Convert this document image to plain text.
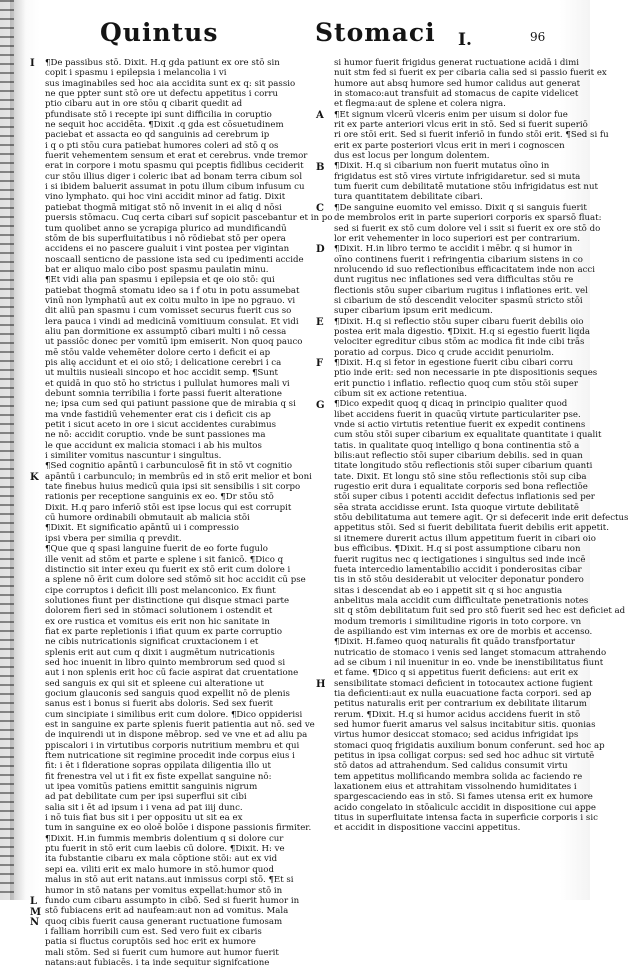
Quintus	Stomaci I.	96
I
K
L
M
N
A
B
C
D
E
F
G
H
¶De passibus stō. Dixit. H.q gda patiunt ex ore stō sin
copit i spasmu i epilepsia i melancolia i vi
sus imaginabiles sed hoc aia accidita sunt ex q: sit passio
ne que ppter sunt stō ore ut defectu appetitus i corru
ptio cibaru aut in ore stōu q cibarit quedit ad
pfundisate stō i recepte ipi sunt difficilia in coruptio
ne sequit hoc accidēta. ¶Dixit .q gda est cōsuetudinem
paciebat et assacta eo qd sanguinis ad cerebrum ip
i q o pti stōu cura patiebat humores coleri ad stō q os
fuerit vehementem sensum et erat et cerebrus. vnde tremor
erat in corpore i motu spasmu qui pceptis fidlibus ceciderit
cur stōu illius diger i coleric ibat ad bonam terra cibum sol
i si ibidem baluerit assumat in potu illum cibum infusum cu
vino lymphato. qui hoc vini accidit minor ad fatig. Dixit
patiebat thogmā mitigat stō nō invenit in ei aliq d nōsi
puersis stōmacu. Cuq certa cibari suf sopicit pascebantur et in po
tum quolibet anno se ycrapiga plurico ad mundificandū
stōm de bis superfluitatibus i nō rōdiebat stō per opera
accidens ei no pascere gualuit i vint postea per vigintan
noscaall senticno de passione ista sed cu ipedimenti accide
bat er aliquo malo cibo post spasmu paulatin minu.
¶Et vidi alia pan spasmu i epilepsia et qe oio stō: qui
patiebat thogmā stomatu ideo sa i f otu in potu assumebat
vinū non lymphatū aut ex coitu multo in ipe no pgrauo. vi
dit aliū pan spasmu i cum vomisset securus fuerit cus so
lera pauca i vindi ad medicinā vomitiuum consulat. Et vidi
aliu pan dormitione ex assumptō cibari multi i nō cessa
ut passiōc donec per vomitū ipm emiserit. Non quoq pauco
mē stōu valde vehemēter dolore certo i deficit ei ap
pis alię accidunt et ei oio stō; i delicatione cerebri i ca
ut multiis nusieali sincopo et hoc accidit semp. ¶Sunt
et quidā in quo stō ho strictus i pullulat humores mali vi
debunt somnia terribilia i forte passi fuerit alteratione
ne; ipsa cum sed qui patiunt passione que de mirabia q si
ma vnde fastidiū vehementer erat cis i deficit cis ap
petit i sicut aceto in ore i sicut accidentes curabimus
ne nō: accidit coruptio. vnde be sunt passiones ma
le que accidunt ex malicia stomaci i ab his multos
i similiter vomitus nascuntur i singultus.
¶Sed cognitio apāntū i carbunculosē fit in stō vt cognitio
apāntū i carbunculo; in membrūs ed in stō erit melior et boni
tate finebus huius medicū quia ipsi sit sensibilis i sit corpo
rationis per receptione sanguinis ex eo. ¶Dr stōu stō
Dixit. H.q paro inferiō stōi est ipse locus qui est corrupit
cū humore ordinabili obmutauit ab malicia stōi
¶Dixit. Et significatio apāntū ui i compressio
ipsi vbera per similia q prevdit.
¶Que que q spasi languine fuerit de eo forte fugulo
ille venit ad stōm et parte e splene i sit fanicō. ¶Dico q
distinctio sit inter exeu qu fuerit ex stō erit cum dolore i
a splene nō ērit cum dolore sed stōmō sit hoc accidit cū pse
cipe corruptos i deficit illi post melanconico. Ex fiunt
solutiones fiunt per distinctione qui disque stmaci parte
dolorem fieri sed in stōmaci solutionem i ostendit et
ex ore rustica et vomitus eis erit non hic sanitate in
fiat ex parte repletionis i ifiat quum ex parte corruptio
ne cibis nutricationis significat cruxtacionem i et
splenis erit aut cum q dixit i augmētum nutricationis
sed hoc inuenit in libro quinto membrorum sed quod si
aut i non splenis erit hoc cū facie aspirat dat cruentatione
sed sanguis ex qui sit et spleene cui alteratione ut
gocium glauconis sed sanguis quod expellit nō de plenis
sanus est i bonus si fuerit abs doloris. Sed sex fuerit
cum sincipiate i similibus erit cum dolore. ¶Dico oppiderisi
est in sanguine ex parte splenis fuerit patientia aut nō. sed ve
de inquirendi ut in dispone mēbrop. sed ve vne et ad aliu pa
ppiscalori i in virtutibus corporis nutritium membru et qui
ftem nutricatione sit regimine procedit inde corpus eius i
fit: i ēt i flderatione sopras oppilata diligentia illo ut
fit frenestra vel ut i fit ex fiste expellat sanguine nō:
ut ipea vomitūs patiens emittit sanguinis nigrum
ad pat debilitate cum per ipsi superflui sit cibi
salia sit i ēt ad ipsum i i vena ad pat iiij dunc.
i nō tuis fiat bus sit i per oppositu ut sit ea ex
tum in sanguine ex eo oloē bolōe i dispone passionis firmiter.
¶Dixit. H.in fummis membris dolentium q si dolore cur
ptu fuerit in stō erit cum laebis cū dolore. ¶Dixit. H: ve
ita fubstantie cibaru ex mala cōptione stōi: aut ex vid
sepi ea. viliti erit ex malo humore in stō.humor quod
malus in stō aut erit natans.aut inmissus corpi stō. ¶Et si
humor in stō natans per vomitus expellat:humor stō in
fundo cum cibaru assumpto in cibō. Sed si fuerit humor in
stō fubiacens erit ad naufeam:aut non ad vomitus. Mala
quoq cibis fuerit causa generant ructuatione fumosam
i falliam horribili cum est. Sed vero fuit ex cibaris
patia si fluctus coruptōis sed hoc erit ex humore
mali stōm. Sed si fuerit cum humore aut humor fuerit
natans:aut fubiacēs. i ta inde sequitur signifcatione
si humor fuerit frigidus generat ructuatione acidā i dimi
nuit stm fed si fuerit ex per cibaria calia sed si passio fuerit ex
humore aut absq humore sed humor calidus aut generat
in stomaco:aut transfuit ad stomacus de capite videlicet
et flegma:aut de splene et colera nigra.
¶Et signum vlcerū vlceris enim per uisum si dolor fue
rit ex parte anteriori vlcus erit in stō. Sed si fuerit superiō
ri ore stōi erit. Sed si fuerit inferiō in fundo stōi erit. ¶Sed si fu
erit ex parte posteriori vlcus erit in meri i cognoscen
dus est locus per longum dolentem.
¶Dixit. H.q si cibarium non fuerit mutatus oīno in
frigidatus est stō vires virtute infrigidaretur. sed si muta
tum fuerit cum debilitatē mutatione stōu infrigidatus est nut
tura quantitatem debilitate cibari.
¶De sanguine euomito vel emisso. Dixit q si sanguis fuerit
de membrolos erit in parte superiori corporis ex sparsō fluat:
sed si fuerit ex stō cum dolore vel i ssit si fuerit ex ore stō do
lor erit vehementer in loco superiori est per contrarium.
¶Dixit. H.in libro termo te accidit i mēbr. q si humor in
oīno continens fuerit i refringentia cibarium sistens in co
nrolucendo id suo reflectionibus efficacitatem inde non acci
dunt rugitus nec inflationes sed vera difficultas stōu re
flectionis stōu super cibarium rugitus i inflationes erit. vel
si cibarium de stō descendit velociter spasmū stricto stōi
super cibarium ipsum erit medicum.
¶Dixit. H.q si reflectio stōu super cibaru fuerit debilis oio
postea erit mala digestio. ¶Dixit. H.q si egestio fuerit liqda
velociter egreditur cibus stōm ac modica fit inde cibi trās
poratio ad corpus. Dico q crude accidit penuriolm.
¶Dixit. H.q si fetor in egestione fuerit cibu cibari corru
ptio inde erit: sed non necessarie in pte dispositionis seques
erit punctio i inflatio. reflectio quoq cum stōu stōi super
cibum sit ex actione retentiua.
¶Dico expedit quoq q dicaq in principio qualiter quod
libet accidens fuerit in quacūq virtute particulariter pse.
vnde si actio virtutis retentiue fuerit ex expedit continens
cum stōu stōi super cibarium ex equalitate quantitate i qualit
tatis. in qualitate quoq intelligo q bona continentia stō a
bilis:aut reflectio stōi super cibarium debilis. sed in quan
titate longitudo stōu reflectionis stōi super cibarium quanti
tate. Dixit. Et longu stō sine stōu reflectionis stōi sup ciba
rugestio erit dura i equalitate corporis sed bona reflectiōe
stōi super cibus i potenti accidit defectus inflationis sed per
sēa strata accidisse erunt. Ista quoque virtute debilitatē
stōu debilitatuma aut temere agit. Qr si defecerit inde erit defectus
appetitus stōi. Sed si fuerit debilitata fuerit debilis erit appetit.
si itnemere durerit actus illum appetitum fuerit in cibari oio
bus efficibus. ¶Dixit. H.q si post assumptione cibaru non
fuerit rugitus nec q iectigationes i singultus sed inde incē
fueta intercedio lamentabilio accidit i ponderositas cibar
tis in stō stōu desiderabit ut velociter deponatur pondero
sitas i descendat ab eo i appetit sit q si hoc angustia
anbelitus mala accidit cum difficultate penetrationis notes
sit q stōm debilitatum fuit sed pro stō fuerit sed hec est deficiet ad
modum tremoris i similitudine rigoris in toto corpore. vn
de aspiliando est vim internas ex ore de morbis et accenso.
¶Dixit. H.fameo quoq naturalis fit quādo transfportatur
nutricatio de stomaco i venis sed langet stomacum attrahendo
ad se cibum i nil inuenitur in eo. vnde be inenstibilitatus fiunt
et fame. ¶Dico q si appetitus fuerit deficiens: aut erit ex
sensibilitate stomaci deficient in totocautex actione fugient
tia deficienti:aut ex nulla euacuatione facta corpori. sed ap
petitus naturalis erit per contrarium ex debilitate ilitarum
rerum. ¶Dixit. H.q si humor acidus accidens fuerit in stō
sed humor fuerit amarus vel salsus incitabitur sitis. quonias
virtus humor desiccat stomaco; sed acidus infrigidat ips
stomaci quoq frigidatis auxilium bonum conferunt. sed hoc ap
petitus in ipsa colligat corpus: sed sed hoc adhuc sit virtutē
stō datos ad attrahendum. Sed calidus consumit virtu
tem appetitus mollificando membra solida ac faciendo re
laxationem eius et attrahitam vissolnendo humiditates i
spargescaciendo eas in stō. Si fames utensa erit ex humore
acido congelato in stōaliculc accidit in dispositione cui appe
titus in superfluitate intensa facta in superficie corporis i sic
et accidit in dispositione vaccini appetitus.
